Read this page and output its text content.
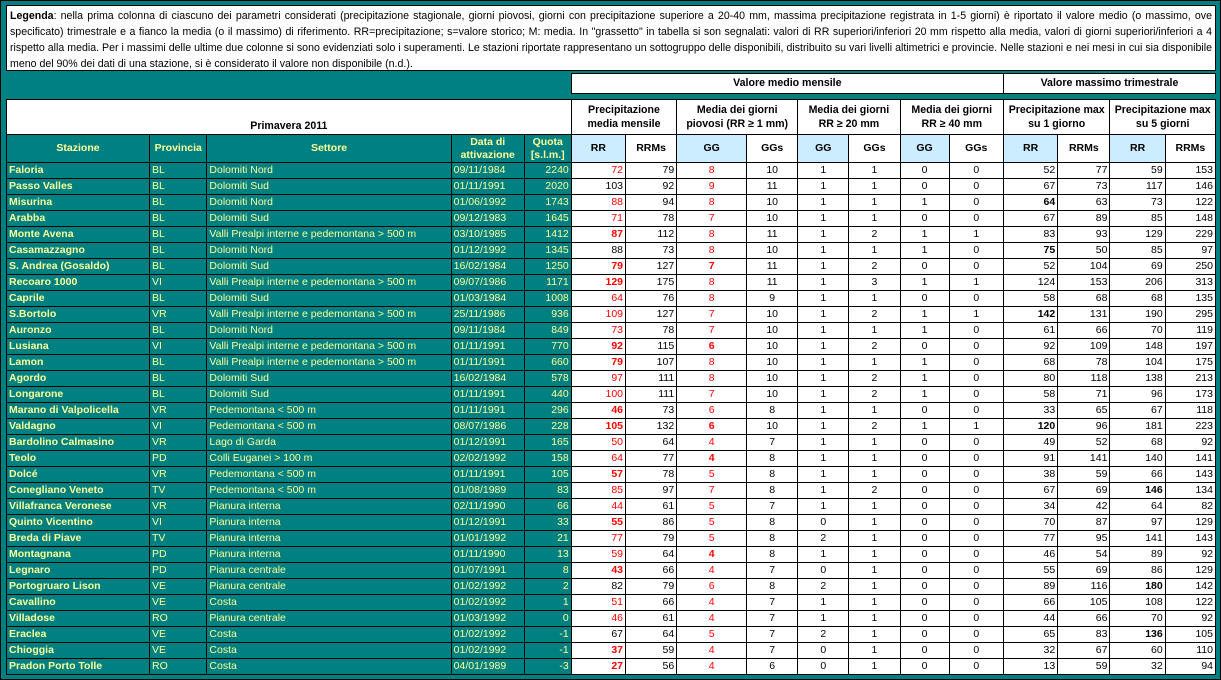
Legenda: nella prima colonna di ciascuno dei parametri considerati (precipitazione stagionale, giorni piovosi, giorni con precipitazione superiore a 20-40 mm, massima precipitazione registrata in 1-5 giorni) è riportato il valore medio (o massimo, ove specificato) trimestrale e a fianco la media (o il massimo) di riferimento. RR=precipitazione; s=valore storico; M: media. In "grassetto" in tabella si son segnalati: valori di RR superiori/inferiori 20 mm rispetto alla media, valori di giorni superiori/inferiori a 4 rispetto alla media. Per i massimi delle ultime due colonne si sono evidenziati solo i superamenti. Le stazioni riportate rappresentano un sottogruppo delle disponibili, distribuito su vari livelli altimetrici e provincie. Nelle stazioni e nei mesi in cui sia disponibile meno del 90% dei dati di una stazione, si è considerato il valore non disponibile (n.d.).
					Valore medio mensile								Valore massimo trimestrale			

Primavera 2011					Precipitazione media mensile		Media dei giorni piovosi (RR ≥ 1 mm)		Media dei giorni RR ≥ 20 mm		Media dei giorni RR ≥ 40 mm		Precipitazione max su 1 giorno		Precipitazione max su 5 giorni	

Stazione	Provincia	Settore	Data di attivazione	Quota [s.l.m.]	RR	RRMs	GG	GGs	GG	GGs	GG	GGs	RR	RRMs	RR	RRMs
Faloria	BL	Dolomiti Nord	09/11/1984	2240	72	79	8	10	1	1	0	0	52	77	59	153
Passo Valles	BL	Dolomiti Sud	01/11/1991	2020	103	92	9	11	1	1	0	0	67	73	117	146
Misurina	BL	Dolomiti Nord	01/06/1992	1743	88	94	8	10	1	1	1	0	64	63	73	122
Arabba	BL	Dolomiti Sud	09/12/1983	1645	71	78	7	10	1	1	0	0	67	89	85	148
Monte Avena	BL	Valli Prealpi interne e pedemontana > 500 m	03/10/1985	1412	87	112	8	11	1	2	1	1	83	93	129	229
Casamazzagno	BL	Dolomiti Nord	01/12/1992	1345	88	73	8	10	1	1	1	0	75	50	85	97
S. Andrea (Gosaldo)	BL	Dolomiti Sud	16/02/1984	1250	79	127	7	11	1	2	0	0	52	104	69	250
Recoaro 1000	VI	Valli Prealpi interne e pedemontana > 500 m	09/07/1986	1171	129	175	8	11	1	3	1	1	124	153	206	313
Caprile	BL	Dolomiti Sud	01/03/1984	1008	64	76	8	9	1	1	0	0	58	68	68	135
S.Bortolo	VR	Valli Prealpi interne e pedemontana > 500 m	25/11/1986	936	109	127	7	10	1	2	1	1	142	131	190	295
Auronzo	BL	Dolomiti Nord	09/11/1984	849	73	78	7	10	1	1	1	0	61	66	70	119
Lusiana	VI	Valli Prealpi interne e pedemontana > 500 m	01/11/1991	770	92	115	6	10	1	2	0	0	92	109	148	197
Lamon	BL	Valli Prealpi interne e pedemontana > 500 m	01/11/1991	660	79	107	8	10	1	1	1	0	68	78	104	175
Agordo	BL	Dolomiti Sud	16/02/1984	578	97	111	8	10	1	2	1	0	80	118	138	213
Longarone	BL	Dolomiti Sud	01/11/1991	440	100	111	7	10	1	2	1	0	58	71	96	173
Marano di Valpolicella	VR	Pedemontana < 500 m	01/11/1991	296	46	73	6	8	1	1	0	0	33	65	67	118
Valdagno	VI	Pedemontana < 500 m	08/07/1986	228	105	132	6	10	1	2	1	1	120	96	181	223
Bardolino Calmasino	VR	Lago di Garda	01/12/1991	165	50	64	4	7	1	1	0	0	49	52	68	92
Teolo	PD	Colli Euganei > 100 m	02/02/1992	158	64	77	4	8	1	1	0	0	91	141	140	141
Dolcé	VR	Pedemontana < 500 m	01/11/1991	105	57	78	5	8	1	1	0	0	38	59	66	143
Conegliano Veneto	TV	Pedemontana < 500 m	01/08/1989	83	85	97	7	8	1	2	0	0	67	69	146	134
Villafranca Veronese	VR	Pianura interna	02/11/1990	66	44	61	5	7	1	1	0	0	34	42	64	82
Quinto Vicentino	VI	Pianura interna	01/12/1991	33	55	86	5	8	0	1	0	0	70	87	97	129
Breda di Piave	TV	Pianura interna	01/01/1992	21	77	79	5	8	2	1	0	0	77	95	141	143
Montagnana	PD	Pianura interna	01/11/1990	13	59	64	4	8	1	1	0	0	46	54	89	92
Legnaro	PD	Pianura centrale	01/07/1991	8	43	66	4	7	0	1	0	0	55	69	86	129
Portogruaro Lison	VE	Pianura centrale	01/02/1992	2	82	79	6	8	2	1	0	0	89	116	180	142
Cavallino	VE	Costa	01/02/1992	1	51	66	4	7	1	1	0	0	66	105	108	122
Villadose	RO	Pianura centrale	01/03/1992	0	46	61	4	7	1	1	0	0	44	66	70	92
Eraclea	VE	Costa	01/02/1992	-1	67	64	5	7	2	1	0	0	65	83	136	105
Chioggia	VE	Costa	01/02/1992	-1	37	59	4	7	0	1	0	0	32	67	60	110
Pradon Porto Tolle	RO	Costa	04/01/1989	-3	27	56	4	6	0	1	0	0	13	59	32	94
